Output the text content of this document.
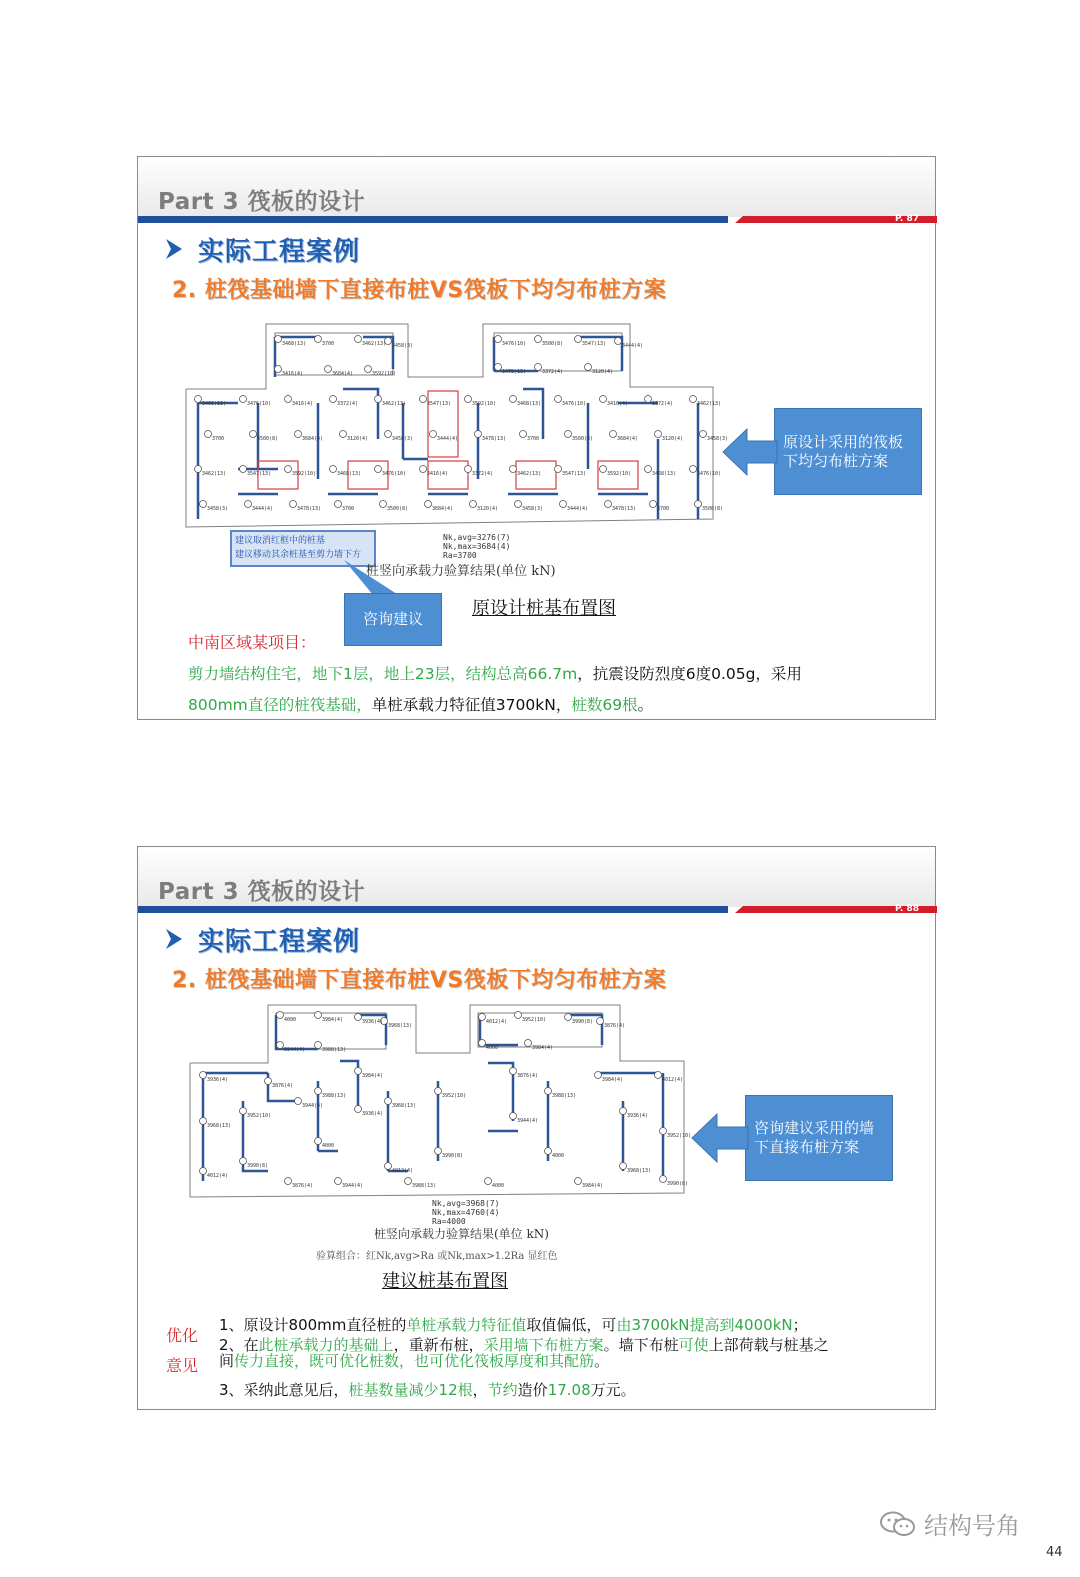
Part 3 筏板的设计
P. 87
实际工程案例
2. 桩筏基础墙下直接布桩VS筏板下均匀布桩方案
3468(13)	3700	3462(13) 3458(3)	3476(10)	3500(8)	3547(13)	3444(4)
3416(4)	3684(4)	3592(10)	3478(13)	3372(4)	3120(4)
3468(13)
3700
3462(13)
3458(3)
3476(10)
3500(8)
3547(13)
3444(4)
3416(4)
3684(4)
3592(10)
3478(13)
3372(4)
3120(4)
3468(13)
3700
3462(13)
3458(3)
3476(10)
3500(8)
3547(13)
3444(4)
3416(4)
3684(4)
3592(10)
3478(13)
3372(4)
3120(4)
3468(13)
3700
3462(13)
3458(3)
3476(10)
3500(8)
3547(13)
3444(4)
3416(4)
3684(4)
3592(10)
3478(13)
3372(4)
3120(4)
3468(13)
3700
3462(13)
3458(3)
3476(10)
3500(8)
原设计采用的筏板下均匀布桩方案
建议取消红框中的桩基
建议移动其余桩基至剪力墙下方
Nk,avg=3276(7)
Nk,max=3684(4)
Ra=3700
桩竖向承载力验算结果(单位 kN)
咨询建议	原设计桩基布置图
中南区域某项目：
剪力墙结构住宅，地下1层，地上23层，结构总高66.7m，抗震设防烈度6度0.05g，采用
800mm直径的桩筏基础，单桩承载力特征值3700kN，桩数69根。
Part 3 筏板的设计
P. 88
实际工程案例
2. 桩筏基础墙下直接布桩VS筏板下均匀布桩方案
4000	3984(4)	3936(4)
3968(13)
4012(4)	3952(10)	3990(8)
3876(4)
3944(4)	3988(13)	4000	3984(4)
3936(4)
3968(13)
4012(4)
3952(10)
3990(8)
3876(4)
3944(4)
3988(13)
4000
3984(4)
3936(4)
3968(13)
4012(4)
3952(10)
3990(8)
3876(4)
3944(4)
3988(13)
4000
3984(4)
3936(4)
3968(13)
4012(4)
3952(10)
3990(8)
3876(4)	3944(4)	3988(13)	4000	3984(4)
咨询建议采用的墙下直接布桩方案
Nk,avg=3968(7)
Nk,max=4760(4)
Ra=4000
桩竖向承载力验算结果(单位 kN)
验算组合：红Nk,avg>Ra 或Nk,max>1.2Ra 显红色
建议桩基布置图
优化
意见
1、原设计800mm直径桩的单桩承载力特征值取值偏低，可由3700kN提高到4000kN；
2、在此桩承载力的基础上，重新布桩，采用墙下布桩方案。墙下布桩可使上部荷载与桩基之
间传力直接，既可优化桩数，也可优化筏板厚度和其配筋。
3、采纳此意见后，桩基数量减少12根，节约造价17.08万元。
结构号角
44
